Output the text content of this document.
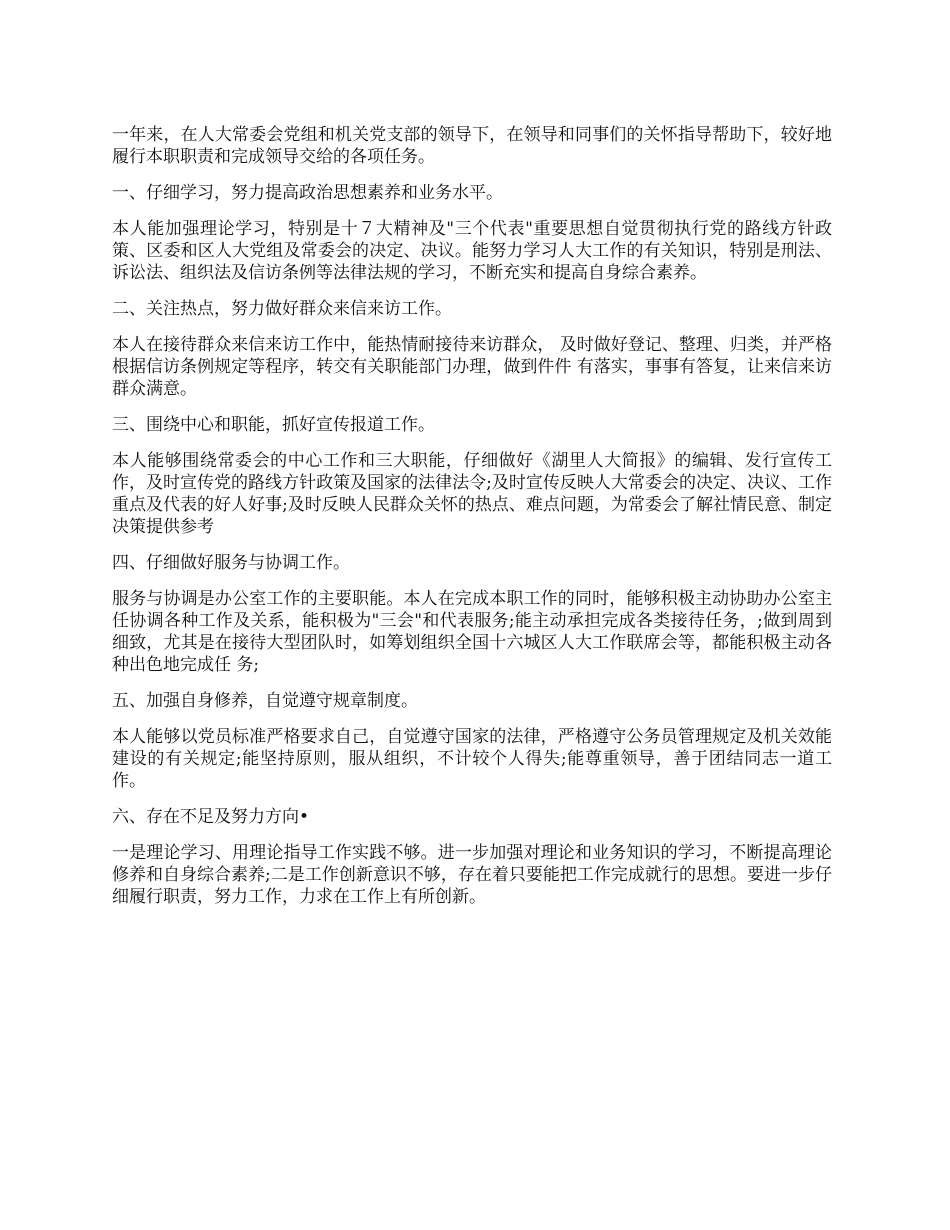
一年来，在人大常委会党组和机关党支部的领导下，在领导和同事们的关怀指导帮助下，较好地履行本职职责和完成领导交给的各项任务。

一、仔细学习，努力提高政治思想素养和业务水平。

本人能加强理论学习，特别是十７大精神及"三个代表"重要思想自觉贯彻执行党的路线方针政策、区委和区人大党组及常委会的决定、决议。能努力学习人大工作的有关知识，特别是刑法、诉讼法、组织法及信访条例等法律法规的学习，不断充实和提高自身综合素养。

二、关注热点，努力做好群众来信来访工作。

本人在接待群众来信来访工作中，能热情耐接待来访群众， 及时做好登记、整理、归类，并严格根据信访条例规定等程序，转交有关职能部门办理，做到件件 有落实，事事有答复，让来信来访群众满意。

三、围绕中心和职能，抓好宣传报道工作。

本人能够围绕常委会的中心工作和三大职能，仔细做好《湖里人大简报》的编辑、发行宣传工作，及时宣传党的路线方针政策及国家的法律法令;及时宣传反映人大常委会的决定、决议、工作重点及代表的好人好事;及时反映人民群众关怀的热点、难点问题，为常委会了解社情民意、制定决策提供参考

四、仔细做好服务与协调工作。

服务与协调是办公室工作的主要职能。本人在完成本职工作的同时，能够积极主动协助办公室主任协调各种工作及关系，能积极为"三会"和代表服务;能主动承担完成各类接待任务，;做到周到细致，尤其是在接待大型团队时，如筹划组织全国十六城区人大工作联席会等，都能积极主动各种出色地完成任 务;

五、加强自身修养，自觉遵守规章制度。

本人能够以党员标准严格要求自己，自觉遵守国家的法律，严格遵守公务员管理规定及机关效能建设的有关规定;能坚持原则，服从组织，不计较个人得失;能尊重领导，善于团结同志一道工作。

六、存在不足及努力方向•

一是理论学习、用理论指导工作实践不够。进一步加强对理论和业务知识的学习，不断提高理论修养和自身综合素养;二是工作创新意识不够，存在着只要能把工作完成就行的思想。要进一步仔细履行职责，努力工作，力求在工作上有所创新。
